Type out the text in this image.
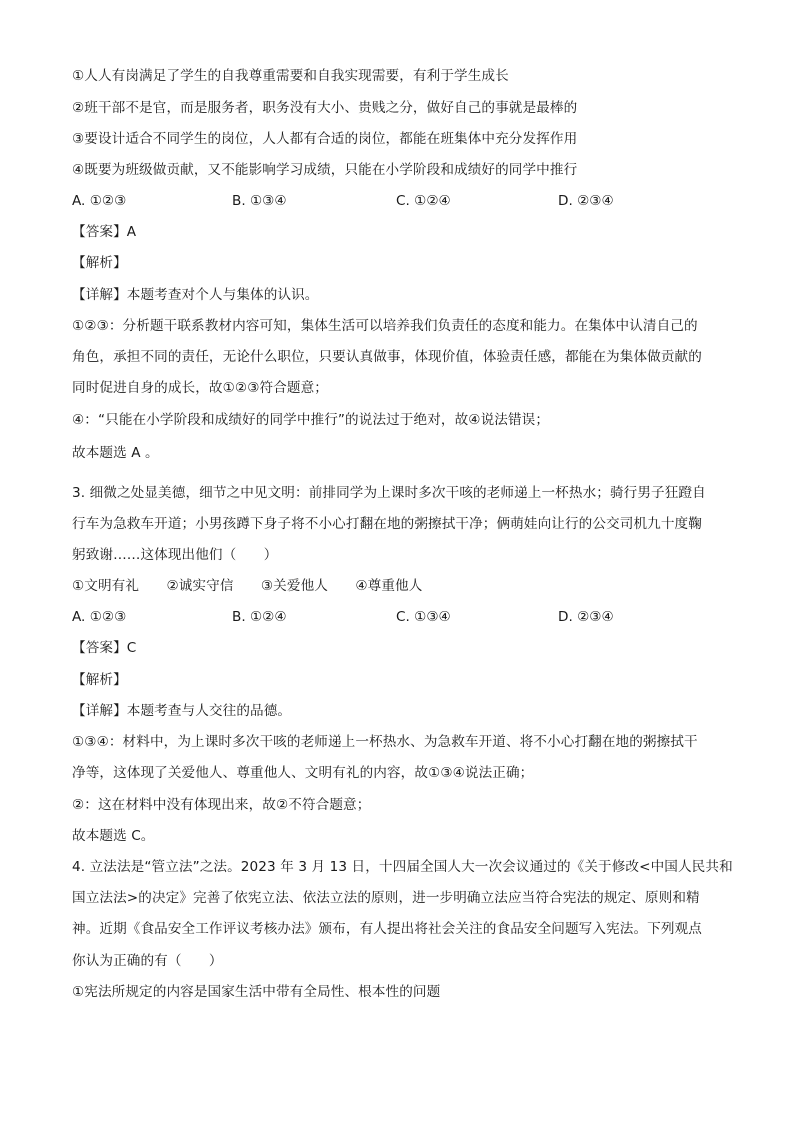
①人人有岗满足了学生的自我尊重需要和自我实现需要，有利于学生成长
②班干部不是官，而是服务者，职务没有大小、贵贱之分，做好自己的事就是最棒的
③要设计适合不同学生的岗位，人人都有合适的岗位，都能在班集体中充分发挥作用
④既要为班级做贡献，又不能影响学习成绩，只能在小学阶段和成绩好的同学中推行
A. ①②③	B. ①③④	C. ①②④	D. ②③④
【答案】A
【解析】
【详解】本题考查对个人与集体的认识。
①②③：分析题干联系教材内容可知，集体生活可以培养我们负责任的态度和能力。在集体中认清自己的
角色，承担不同的责任，无论什么职位，只要认真做事，体现价值，体验责任感，都能在为集体做贡献的
同时促进自身的成长，故①②③符合题意；
④：“只能在小学阶段和成绩好的同学中推行”的说法过于绝对，故④说法错误；
故本题选 A 。
3. 细微之处显美德，细节之中见文明：前排同学为上课时多次干咳的老师递上一杯热水；骑行男子狂蹬自
行车为急救车开道；小男孩蹲下身子将不小心打翻在地的粥擦拭干净；俩萌娃向让行的公交司机九十度鞠
躬致谢……这体现出他们（　　）
①文明有礼　　②诚实守信　　③关爱他人　　④尊重他人
A. ①②③	B. ①②④	C. ①③④	D. ②③④
【答案】C
【解析】
【详解】本题考查与人交往的品德。
①③④：材料中，为上课时多次干咳的老师递上一杯热水、为急救车开道、将不小心打翻在地的粥擦拭干
净等，这体现了关爱他人、尊重他人、文明有礼的内容，故①③④说法正确；
②：这在材料中没有体现出来，故②不符合题意；
故本题选 C。
4. 立法法是“管立法”之法。2023 年 3 月 13 日，十四届全国人大一次会议通过的《关于修改<中国人民共和
国立法法>的决定》完善了依宪立法、依法立法的原则，进一步明确立法应当符合宪法的规定、原则和精
神。近期《食品安全工作评议考核办法》颁布，有人提出将社会关注的食品安全问题写入宪法。下列观点
你认为正确的有（　　）
①宪法所规定的内容是国家生活中带有全局性、根本性的问题
